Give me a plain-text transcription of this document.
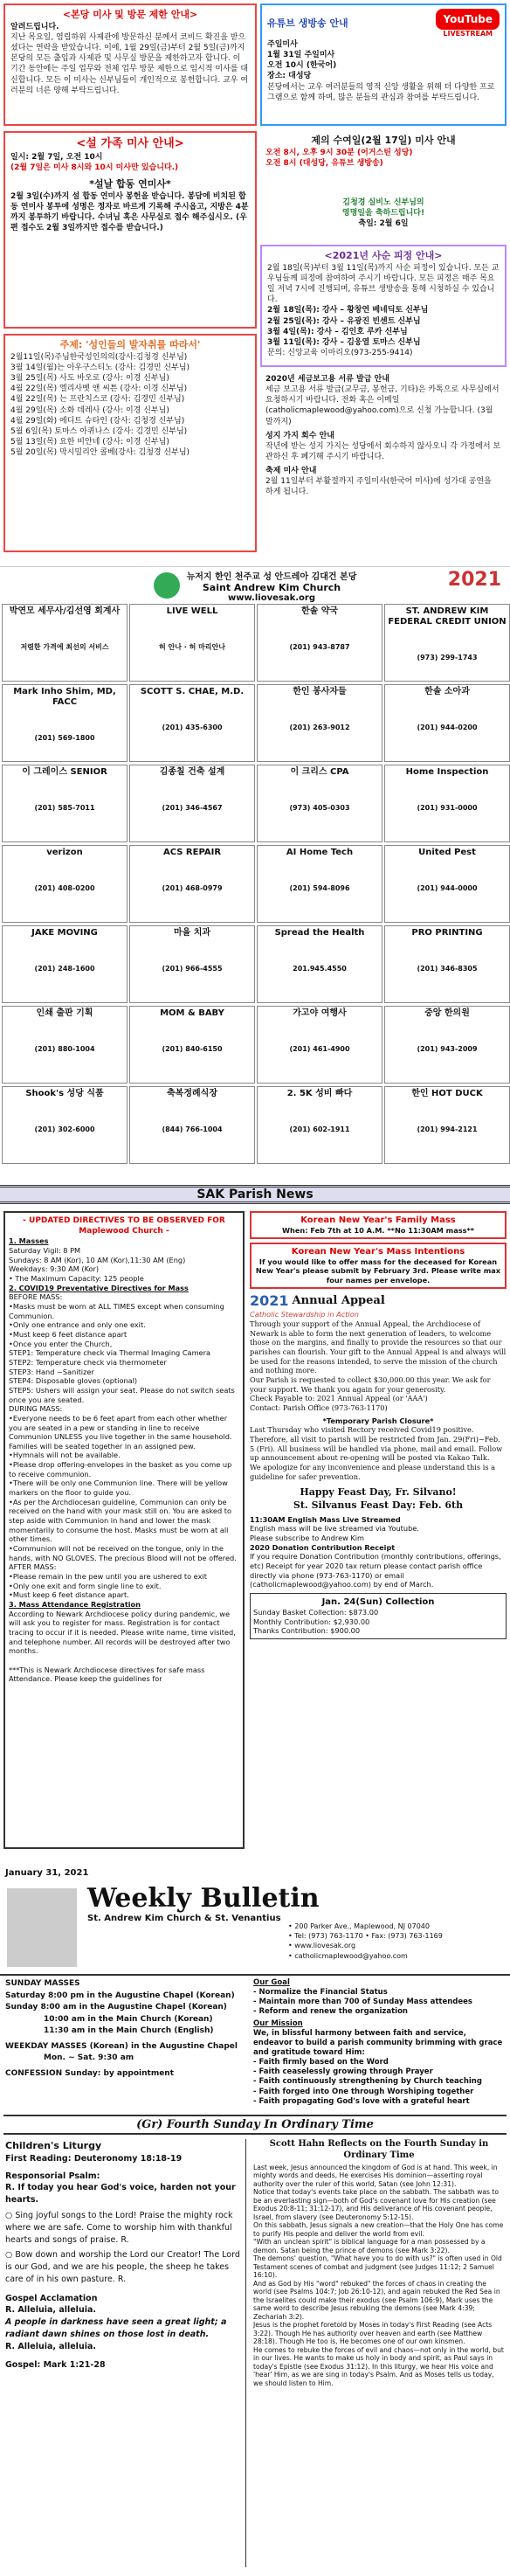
<본당 미사 및 방문 제한 안내>
알려드립니다.
지난 목요일, 염립하위 사제관에 방문하신 분께서 코비드 확진을 받으셨다는 연락을 받았습니다. 이에, 1월 29일(금)부터 2월 5일(금)까지 본당의 모든 출입과 사제관 및 사무실 방문을 제한하고자 합니다. 이 기간 동안에는 주일 업무와 전체 업무 방문 제한으로 임시적 미사를 대신합니다. 모든 이 미사는 신부님들이 개인적으로 봉헌합니다. 교우 여러분의 너른 양해 부탁드립니다.
유튜브 생방송 안내	YouTube
LIVESTREAM
주일미사
1월 31일 주일미사
오전 10시 (한국어)
장소: 대성당
본당에서는 교우 여러분들의 영적 신앙 생활을 위해 더 다양한 프로그램으로 함께 하며, 많은 분들의 관심과 참여를 부탁드립니다.
<설 가족 미사 안내>
일시: 2월 7일, 오전 10시
(2월 7일은 미사 8시와 10시 미사만 있습니다.)
*설날 합동 연미사*
2월 3일(수)까지 설 합동 연미사 봉헌을 받습니다. 봉담에 비치된 합동 연미사 봉투에 성명은 정자로 바르게 기록해 주시옵고, 지방은 4분까지 봉투하기 바랍니다. 수녀님 혹은 사무실로 접수 해주십시오. (우편 접수도 2월 3일까지만 접수를 받습니다.)
주제: '성인들의 발자취를 따라서'
2월11일(목)주님한국성인의의(강사:김청경 신부님)
3월 14일(월)는 아우구스티노 (강사: 김경민 신부님)
3월 25일(목) 사도 바오로 (강사: 이경 신부님)
4월 22일(목) 엘리사벳 앤 씨튼 (강사: 이경 신부님)
4월 22일(목) 는 프란치스코 (강사: 김경민 신부님)
4월 29일(목) 소화 데레사 (강사: 이경 신부님)
4월 29일(화) 에디트 슈타인 (강사: 김청경 신부님)
5월 6일(목) 토마스 아퀴나스 (강사: 김경민 신부님)
5월 13일(목) 요한 비안네 (강사: 이경 신부님)
5월 20일(목) 막시밀리안 콜베(강사: 김청경 신부님)
제의 수여일(2월 17일) 미사 안내
오전 8시, 오후 9시 30분 (어거스틴 성당)
오전 8시 (대성당, 유튜브 생방송)
김청경 실비노 신부님의
영명일을 축하드립니다!
축일: 2월 6일
<2021년 사순 피정 안내>
2월 18일(목)부터 3월 11일(목)까지 사순 피정이 있습니다. 모든 교우님들께 피정에 참여하여 주시기 바랍니다. 모든 피정은 매주 목요일 저녁 7시에 진행되며, 유튜브 생방송을 통해 시청하실 수 있습니다.
2월 18일(목): 강사 – 황창연 베네딕토 신부님
2월 25일(목): 강사 – 유광진 빈센트 신부님
3월 4일(목): 강사 – 김인호 루카 신부님
3월 11일(목): 강사 – 김웅열 토마스 신부님
문의: 신앙교육 이마리오(973-255-9414)
2020년 세금보고용 서류 발급 안내
세금 보고용 서류 발급(교무금, 봉헌금, 기타)은 카톡으로 사무실에서 요청하시기 바랍니다. 전화 혹은 이메일(catholicmaplewood@yahoo.com)으로 신청 가능합니다. (3월 말까지)
성지 가지 회수 안내
작년에 받는 성지 가지는 성당에서 회수하지 않사오니 각 가정에서 보관하신 후 폐기해 주시기 바랍니다.
축제 미사 안내
2월 11일부터 부활절까지 주일미사(한국어 미사)에 성가대 공연을 하게 됩니다.
뉴저지 한인 천주교 성 안드레아 김대건 본당
Saint Andrew Kim Church
www.liovesak.org
2021
박연모 세무사/김선영 회계사
저렴한 가격에 최선의 서비스
LIVE WELL
허 안나 · 허 마리안나
한솔 약국
(201) 943-8787
ST. ANDREW KIM FEDERAL CREDIT UNION
(973) 299-1743
Mark Inho Shim, MD, FACC
(201) 569-1800
SCOTT S. CHAE, M.D.
(201) 435-6300
한인 봉사자들
(201) 263-9012
한솔 소아과
(201) 944-0200
이 그레이스 SENIOR
(201) 585-7011
김종칠 건축 설계
(201) 346-4567
이 크리스 CPA
(973) 405-0303
Home Inspection
(201) 931-0000
verizon
(201) 408-0200
ACS REPAIR
(201) 468-0979
AI Home Tech
(201) 594-8096
United Pest
(201) 944-0000
JAKE MOVING
(201) 248-1600
마을 치과
(201) 966-4555
Spread the Health
201.945.4550
PRO PRINTING
(201) 346-8305
인쇄 출판 기획
(201) 880-1004
MOM & BABY
(201) 840-6150
가고야 여행사
(201) 461-4900
중앙 한의원
(201) 943-2009
Shook's 성당 식품
(201) 302-6000
축복정례식장
(844) 766-1004
2. 5K 성비 빠다
(201) 602-1911
한인 HOT DUCK
(201) 994-2121
SAK Parish News
- UPDATED DIRECTIVES TO BE OBSERVED FOR Maplewood Church -
1. Masses
Saturday Vigil: 8 PM
Sundays: 8 AM (Kor), 10 AM (Kor),11:30 AM (Eng)
Weekdays: 9:30 AM (Kor)
• The Maximum Capacity: 125 people
2. COVID19 Preventative Directives for Mass
BEFORE MASS:
•Masks must be worn at ALL TIMES except when consuming Communion.
•Only one entrance and only one exit.
•Must keep 6 feet distance apart
•Once you enter the Church,
STEP1: Temperature check via Thermal Imaging Camera
STEP2: Temperature check via thermometer
STEP3: Hand ~Sanitizer
STEP4: Disposable gloves (optional)
STEP5: Ushers will assign your seat. Please do not switch seats once you are seated.
DURING MASS:
•Everyone needs to be 6 feet apart from each other whether you are seated in a pew or standing in line to receive Communion UNLESS you live together in the same household. Families will be seated together in an assigned pew.
•Hymnals will not be available.
•Please drop offering-envelopes in the basket as you come up to receive communion.
•There will be only one Communion line. There will be yellow markers on the floor to guide you.
•As per the Archdiocesan guideline, Communion can only be received on the hand with your mask still on. You are asked to step aside with Communion in hand and lower the mask momentarily to consume the host. Masks must be worn at all other times.
•Communion will not be received on the tongue, only in the hands, with NO GLOVES. The precious Blood will not be offered.
AFTER MASS:
•Please remain in the pew until you are ushered to exit
•Only one exit and form single line to exit.
•Must keep 6 feet distance apart.
3. Mass Attendance Registration
According to Newark Archdiocese policy during pandemic, we will ask you to register for mass. Registration is for contact tracing to occur if it is needed. Please write name, time visited, and telephone number. All records will be destroyed after two months.

***This is Newark Archdiocese directives for safe mass Attendance. Please keep the guidelines for
Korean New Year's Family Mass
When: Feb 7th at 10 A.M. **No 11:30AM mass**
Korean New Year's Mass Intentions
If you would like to offer mass for the deceased for Korean New Year's please submit by February 3rd. Please write max four names per envelope.
2021 Annual Appeal
Catholic Stewardship in Action
Through your support of the Annual Appeal, the Archdiocese of Newark is able to form the next generation of leaders, to welcome those on the margins, and finally to provide the resources so that our parishes can flourish. Your gift to the Annual Appeal is and always will be used for the reasons intended, to serve the mission of the church and nothing more.
Our Parish is requested to collect $30,000.00 this year. We ask for your support. We thank you again for your generosity.
Check Payable to: 2021 Annual Appeal (or 'AAA')
Contact: Parish Office (973-763-1170)
*Temporary Parish Closure*
Last Thursday who visited Rectory received Covid19 positive. Therefore, all visit to parish will be restricted from Jan. 29(Fri)~Feb. 5 (Fri). All business will be handled via phone, mail and email. Follow up announcement about re-opening will be posted via Kakao Talk.
We apologize for any inconvenience and please understand this is a guideline for safer prevention.
Happy Feast Day, Fr. Silvano!
St. Silvanus Feast Day: Feb. 6th
11:30AM English Mass Live Streamed
English mass will be live streamed via Youtube.
Please subscribe to Andrew Kim
2020 Donation Contribution Receipt
If you require Donation Contribution (monthly contributions, offerings, etc) Receipt for year 2020 tax return please contact parish office directly via phone (973-763-1170) or email (catholicmaplewood@yahoo.com) by end of March.
Jan. 24(Sun) Collection
Sunday Basket Collection: $873.00
Monthly Contribution: $2,930.00
Thanks Contribution: $900.00
January 31, 2021
Weekly Bulletin
St. Andrew Kim Church & St. Venantius
• 200 Parker Ave., Maplewood, NJ 07040
• Tel: (973) 763-1170 • Fax: (973) 763-1169
• www.liovesak.org
• catholicmaplewood@yahoo.com
SUNDAY MASSES
Saturday 8:00 pm in the Augustine Chapel (Korean)
Sunday 8:00 am in the Augustine Chapel (Korean)
10:00 am in the Main Church (Korean)
11:30 am in the Main Church (English)
WEEKDAY MASSES (Korean) in the Augustine Chapel
Mon. ~ Sat. 9:30 am
CONFESSION Sunday: by appointment
Our Goal
- Normalize the Financial Status
- Maintain more than 700 of Sunday Mass attendees
- Reform and renew the organization
Our Mission
We, in blissful harmony between faith and service, endeavor to build a parish community brimming with grace and gratitude toward Him:
- Faith firmly based on the Word
- Faith ceaselessly growing through Prayer
- Faith continuously strengthening by Church teaching
- Faith forged into One through Worshiping together
- Faith propagating God's love with a grateful heart
(Gr) Fourth Sunday In Ordinary Time
Children's Liturgy
First Reading: Deuteronomy 18:18-19
Responsorial Psalm:
R. If today you hear God's voice, harden not your hearts.
○ Sing joyful songs to the Lord! Praise the mighty rock where we are safe. Come to worship him with thankful hearts and songs of praise. R.
○ Bow down and worship the Lord our Creator! The Lord is our God, and we are his people, the sheep he takes care of in his own pasture. R.
Gospel Acclamation
R. Alleluia, alleluia.
A people in darkness have seen a great light; a radiant dawn shines on those lost in death.
R. Alleluia, alleluia.
Gospel: Mark 1:21-28
Scott Hahn Reflects on the Fourth Sunday in Ordinary Time
Last week, Jesus announced the kingdom of God is at hand. This week, in mighty words and deeds, He exercises His dominion—asserting royal authority over the ruler of this world, Satan (see John 12:31).
Notice that today's events take place on the sabbath. The sabbath was to be an everlasting sign—both of God's covenant love for His creation (see Exodus 20:8-11; 31:12-17), and His deliverance of His covenant people, Israel, from slavery (see Deuteronomy 5:12-15).
On this sabbath, Jesus signals a new creation—that the Holy One has come to purify His people and deliver the world from evil.
"With an unclean spirit" is biblical language for a man possessed by a demon. Satan being the prince of demons (see Mark 3:22).
The demons' question, "What have you to do with us?" is often used in Old Testament scenes of combat and judgment (see Judges 11:12; 2 Samuel 16:10).
And as God by His "word" rebuked" the forces of chaos in creating the world (see Psalms 104:7; Job 26:10-12), and again rebuked the Red Sea in the Israelites could make their exodus (see Psalm 106:9), Mark uses the same word to describe Jesus rebuking the demons (see Mark 4:39; Zechariah 3:2).
Jesus is the prophet foretold by Moses in today's First Reading (see Acts 3:22). Though He has authority over heaven and earth (see Matthew 28:18). Though He too is, He becomes one of our own kinsmen.
He comes to rebuke the forces of evil and chaos—not only in the world, but in our lives. He wants to make us holy in body and spirit, as Paul says in today's Epistle (see Exodus 31:12). In this liturgy, we hear His voice and 'hear' Him, as we are sing in today's Psalm. And as Moses tells us today, we should listen to Him.
